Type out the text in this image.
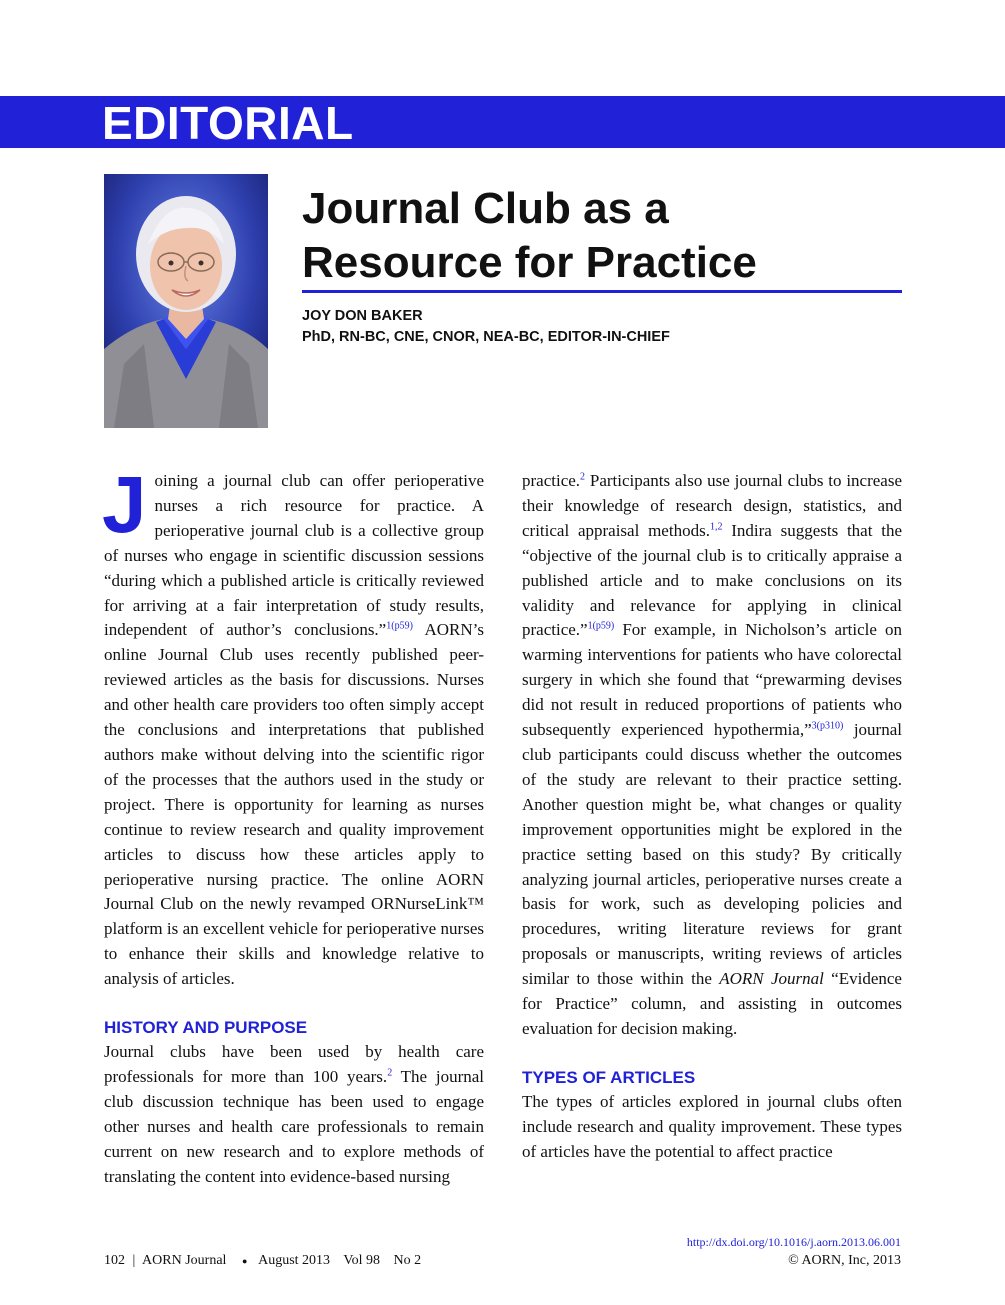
EDITORIAL
Journal Club as a
Resource for Practice
JOY DON BAKER
PhD, RN-BC, CNE, CNOR, NEA-BC, EDITOR-IN-CHIEF

Joining a journal club can offer perioperative nurses a rich resource for practice. A perioperative journal club is a collective group of nurses who engage in scientific discussion sessions “during which a published article is critically reviewed for arriving at a fair interpretation of study results, independent of author’s conclusions.”$^{1(p59)}$ AORN’s online Journal Club uses recently published peer-reviewed articles as the basis for discussions. Nurses and other health care providers too often simply accept the conclusions and interpretations that published authors make without delving into the scientific rigor of the processes that the authors used in the study or project. There is opportunity for learning as nurses continue to review research and quality improvement articles to discuss how these articles apply to perioperative nursing practice. The online AORN Journal Club on the newly revamped ORNurseLink™ platform is an excellent vehicle for perioperative nurses to enhance their skills and knowledge relative to analysis of articles.

HISTORY AND PURPOSE

Journal clubs have been used by health care professionals for more than 100 years.$^2$ The journal club discussion technique has been used to engage other nurses and health care professionals to remain current on new research and to explore methods of translating the content into evidence-based nursing

practice.$^2$ Participants also use journal clubs to increase their knowledge of research design, statistics, and critical appraisal methods.$^{1,2}$ Indira suggests that the “objective of the journal club is to critically appraise a published article and to make conclusions on its validity and relevance for applying in clinical practice.”$^{1(p59)}$ For example, in Nicholson’s article on warming interventions for patients who have colorectal surgery in which she found that “prewarming devises did not result in reduced proportions of patients who subsequently experienced hypothermia,”$^{3(p310)}$ journal club participants could discuss whether the outcomes of the study are relevant to their practice setting. Another question might be, what changes or quality improvement opportunities might be explored in the practice setting based on this study? By critically analyzing journal articles, perioperative nurses create a basis for work, such as developing policies and procedures, writing literature reviews for grant proposals or manuscripts, writing reviews of articles similar to those within the AORN Journal “Evidence for Practice” column, and assisting in outcomes evaluation for decision making.

TYPES OF ARTICLES

The types of articles explored in journal clubs often include research and quality improvement. These types of articles have the potential to affect practice

102 | AORN Journal ● August 2013 Vol 98 No 2
http://dx.doi.org/10.1016/j.aorn.2013.06.001
© AORN, Inc, 2013
